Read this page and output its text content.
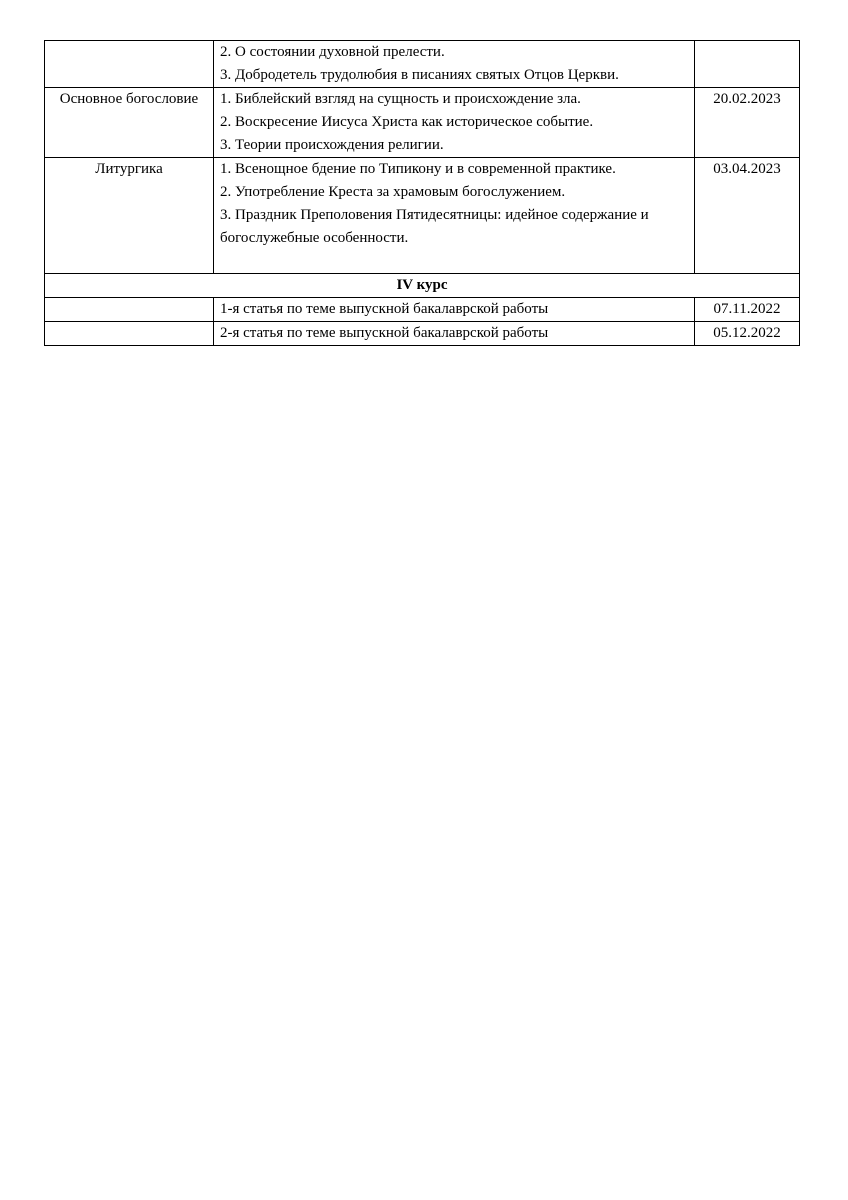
	2. О состоянии духовной прелести.
3. Добродетель трудолюбия в писаниях святых Отцов Церкви.	

Основное богословие	1. Библейский взгляд на сущность и происхождение зла.
2. Воскресение Иисуса Христа как историческое событие.
3. Теории происхождения религии.	20.02.2023

Литургика	1. Всенощное бдение по Типикону и в современной практике.
2. Употребление Креста за храмовым богослужением.
3. Праздник Преполовения Пятидесятницы: идейное содержание и богослужебные особенности.	03.04.2023
IV курс		

	1-я статья по теме выпускной бакалаврской работы	07.11.2022

	2-я статья по теме выпускной бакалаврской работы	05.12.2022
